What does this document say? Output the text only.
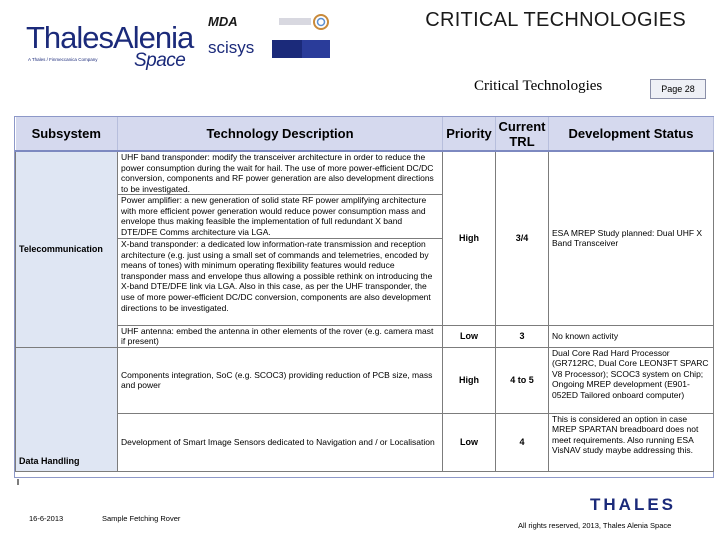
ThalesAlenia
A Thales / Finmeccanica Company Space
MDA
scisys
CRITICAL TECHNOLOGIES
Critical Technologies	Page 28
Subsystem	Technology Description	Priority	Current TRL	Development Status
Telecommunication	UHF band transponder: modify the transceiver architecture in order to reduce the power consumption during the wait for hail. The use of more power-efficient DC/DC conversion, components and RF power generation are also development directions to be investigated.
Power amplifier: a new generation of solid state RF power amplifying architecture with more efficient power generation would reduce power consumption mass and envelope thus making feasible the implementation of full redundant X band DTE/DFE Comms architecture via LGA.
X-band transponder: a dedicated low information-rate transmission and reception architecture (e.g. just using a small set of commands and telemetries, encoded by means of tones) with minimum operating flexibility features would reduce transponder mass and envelope thus allowing a possible rethink on introducing the X-band DTE/DFE link via LGA. Also in this case, as per the UHF transponder, the use of more power-efficient DC/DC conversion, components are also development directions to be investigated.	High	3/4	ESA MREP Study planned: Dual UHF X Band Transceiver
	UHF antenna: embed the antenna in other elements of the rover (e.g. camera mast if present)	Low	3	No known activity
Data Handling	Components integration, SoC (e.g. SCOC3) providing reduction of PCB size, mass and power	High	4 to 5	Dual Core Rad Hard Processor (GR712RC, Dual Core LEON3FT SPARC V8 Processor); SCOC3 system on Chip; Ongoing MREP development (E901-052ED Tailored onboard computer)
	Development of Smart Image Sensors dedicated to Navigation and / or Localisation	Low	4	This is considered an option in case MREP SPARTAN breadboard does not meet requirements. Also running ESA VisNAV study maybe addressing this.
16-6-2013	Sample Fetching Rover
THALES
All rights reserved, 2013, Thales Alenia Space
